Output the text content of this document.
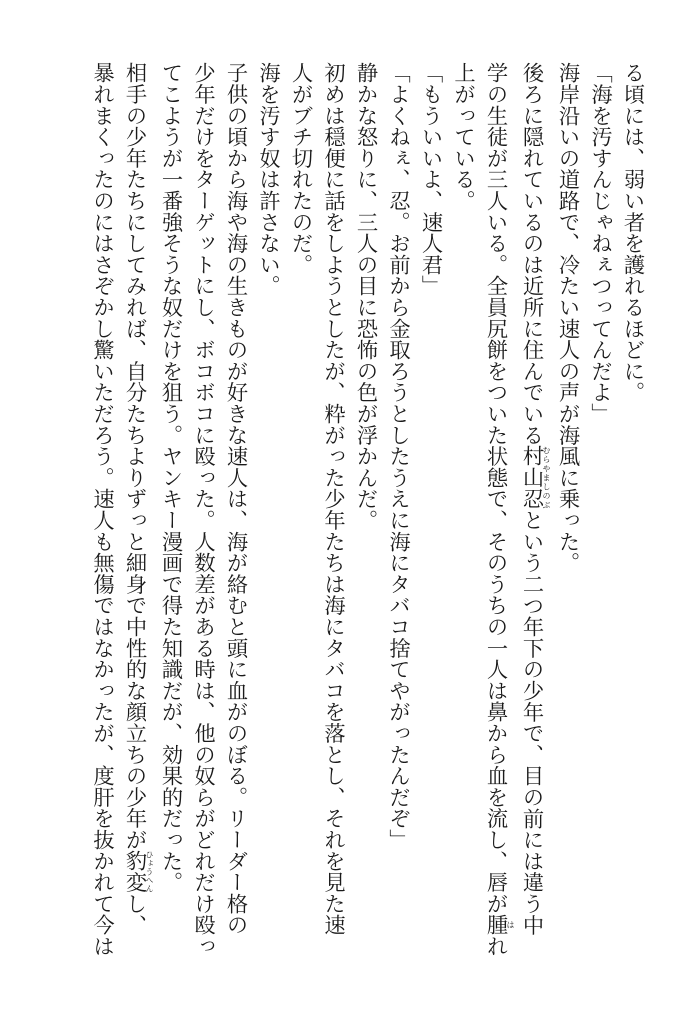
る頃には、弱い者を護れるほどに。
「海を汚すんじゃねぇつってんだよ」
海岸沿いの道路で、冷たい速人の声が海風に乗った。
後ろに隠れているのは近所に住んでいる村山忍むらやましのぶという二つ年下の少年で、目の前には違う中
学の生徒が三人いる。全員尻餅をついた状態で、そのうちの一人は鼻から血を流し、唇が腫はれ
上がっている。
「もういいよ、速人君」
「よくねぇ、忍。お前から金取ろうとしたうえに海にタバコ捨てやがったんだぞ」
静かな怒りに、三人の目に恐怖の色が浮かんだ。
初めは穏便に話をしようとしたが、粋がった少年たちは海にタバコを落とし、それを見た速
人がブチ切れたのだ。
海を汚す奴は許さない。
子供の頃から海や海の生きものが好きな速人は、海が絡むと頭に血がのぼる。リーダー格の
少年だけをターゲットにし、ボコボコに殴った。人数差がある時は、他の奴らがどれだけ殴っ
てこようが一番強そうな奴だけを狙う。ヤンキー漫画で得た知識だが、効果的だった。
相手の少年たちにしてみれば、自分たちよりずっと細身で中性的な顔立ちの少年が豹変ひょうへんし、
暴れまくったのにはさぞかし驚いただろう。速人も無傷ではなかったが、度肝を抜かれて今は
